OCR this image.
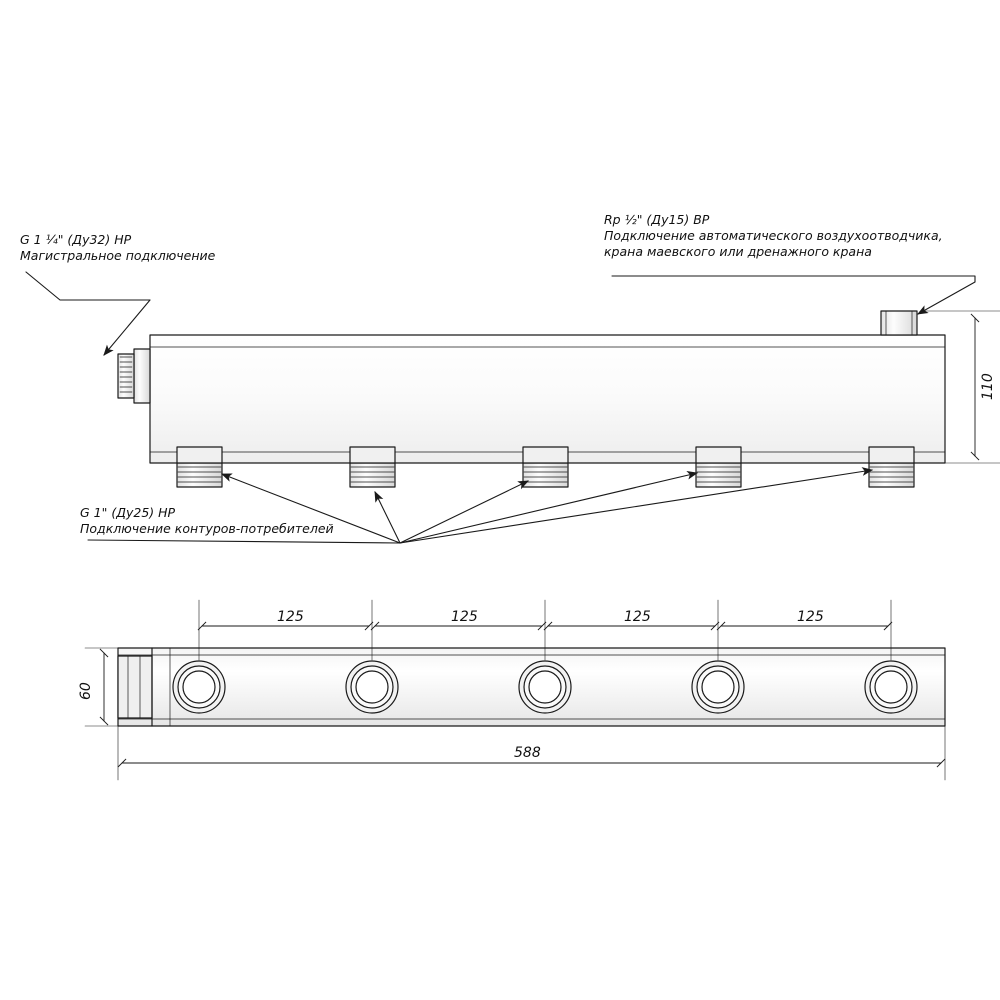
G 1 ¼" (Ду32) НР
Магистральное подключение
Rp ½" (Ду15) ВР
Подключение автоматического воздухоотводчика,
крана маевского или дренажного крана
G 1" (Ду25) НР
Подключение контуров-потребителей
110
60
588
125	125	125	125
